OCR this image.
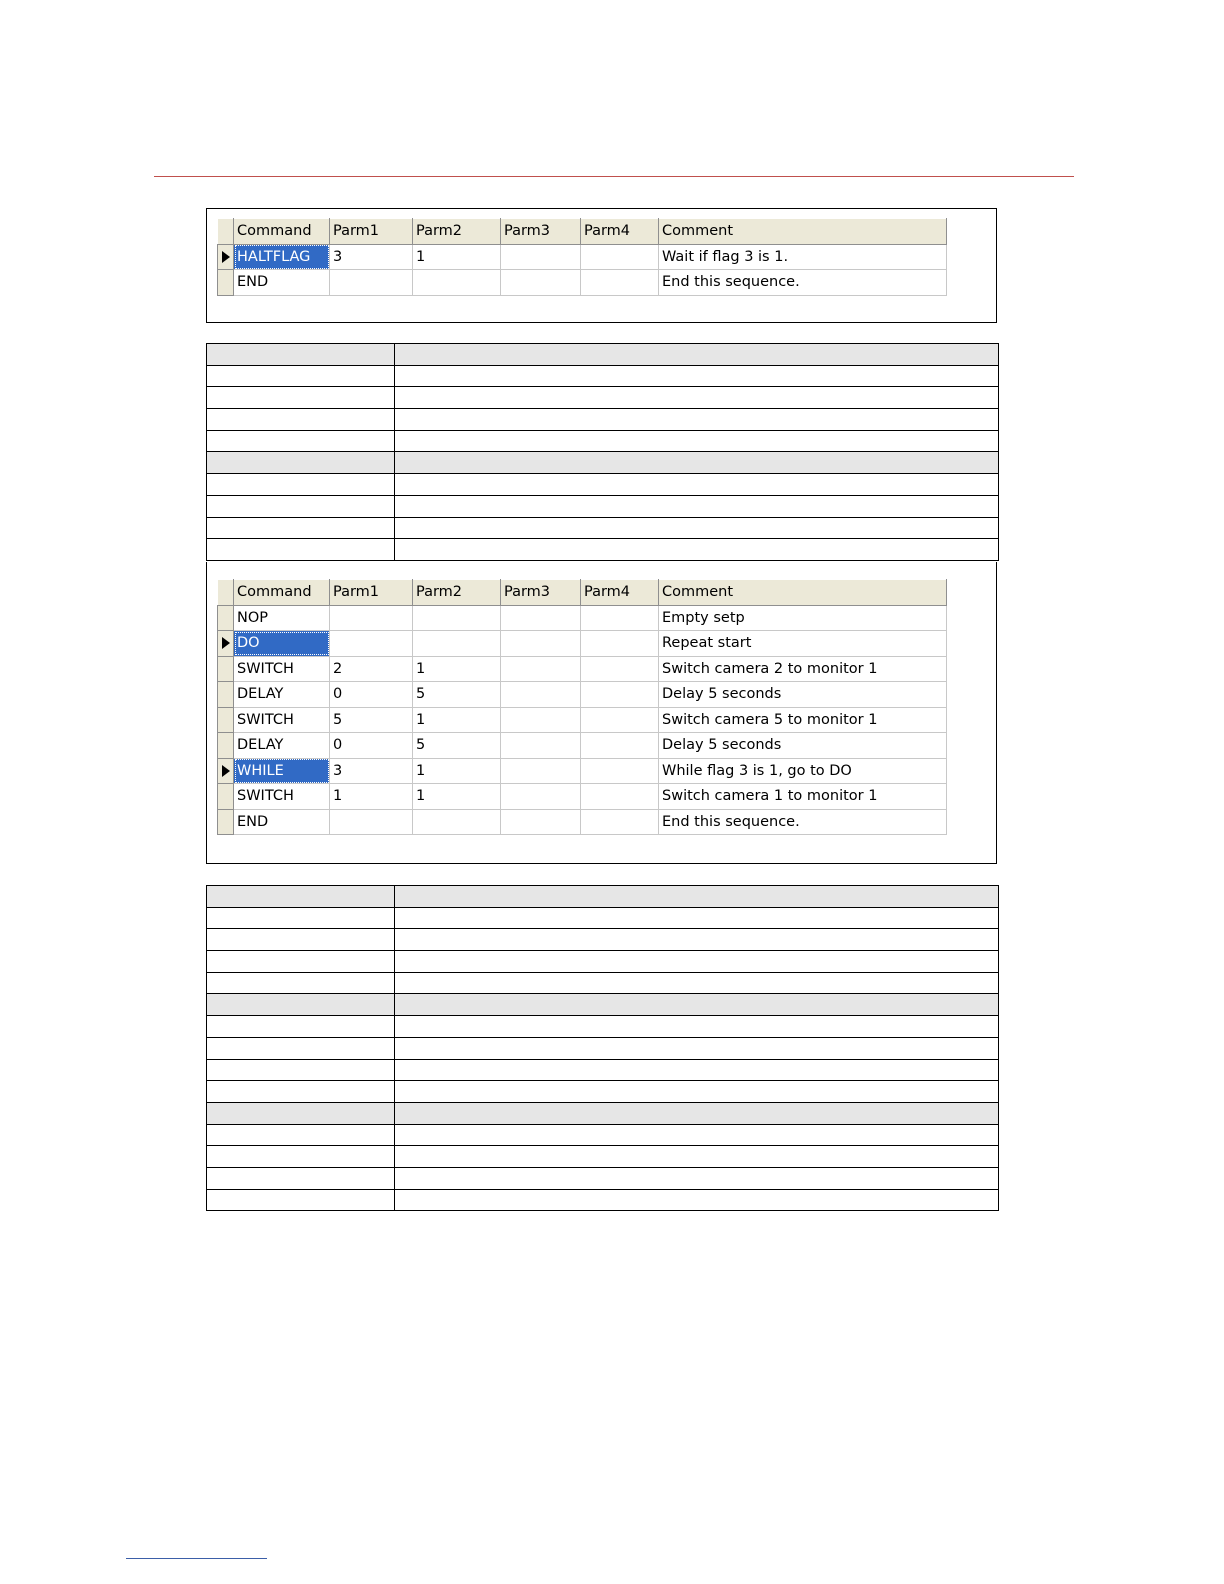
	Command	Parm1	Parm2	Parm3	Parm4	Comment

	HALTFLAG	3	1			Wait if flag 3 is 1.
	END					End this sequence.

	Command	Parm1	Parm2	Parm3	Parm4	Comment
	NOP					Empty setp

	DO					Repeat start
	SWITCH	2	1			Switch camera 2 to monitor 1
	DELAY	0	5			Delay 5 seconds
	SWITCH	5	1			Switch camera 5 to monitor 1
	DELAY	0	5			Delay 5 seconds

	WHILE	3	1			While flag 3 is 1, go to DO
	SWITCH	1	1			Switch camera 1 to monitor 1
	END					End this sequence.
